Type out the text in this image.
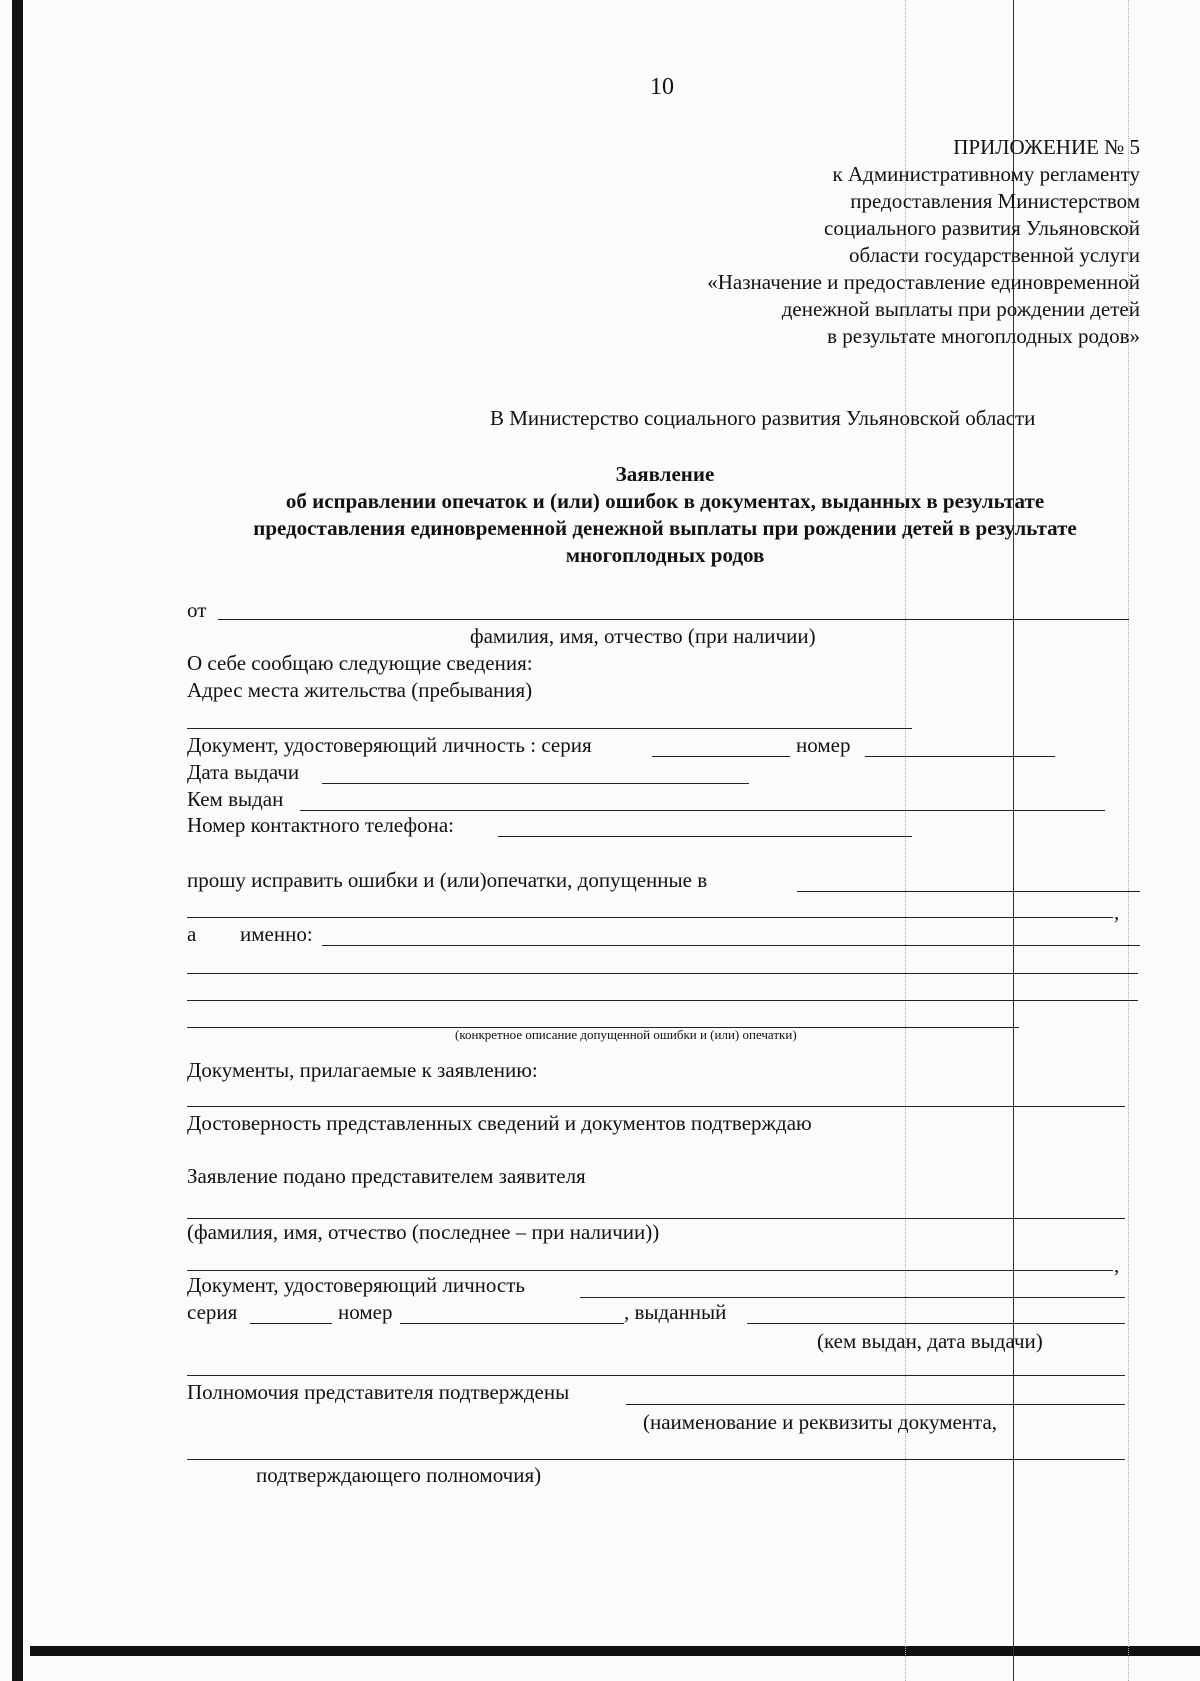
10
ПРИЛОЖЕНИЕ № 5
к Административному регламенту
предоставления Министерством
социального развития Ульяновской
области государственной услуги
«Назначение и предоставление единовременной
денежной выплаты при рождении детей
в результате многоплодных родов»
В Министерство социального развития Ульяновской области
Заявление
об исправлении опечаток и (или) ошибок в документах, выданных в результате
предоставления единовременной денежной выплаты при рождении детей в результате
многоплодных родов
от
фамилия, имя, отчество (при наличии)
О себе сообщаю следующие сведения:
Адрес места жительства (пребывания)
Документ, удостоверяющий личность : серия	номер
Дата выдачи
Кем выдан
Номер контактного телефона:
прошу исправить ошибки и (или)опечатки, допущенные в
,
а именно:
(конкретное описание допущенной ошибки и (или) опечатки)
Документы, прилагаемые к заявлению:
Достоверность представленных сведений и документов подтверждаю
Заявление подано представителем заявителя
(фамилия, имя, отчество (последнее – при наличии))
,
Документ, удостоверяющий личность
серия	номер	, выданный
(кем выдан, дата выдачи)
Полномочия представителя подтверждены
(наименование и реквизиты документа,
подтверждающего полномочия)
